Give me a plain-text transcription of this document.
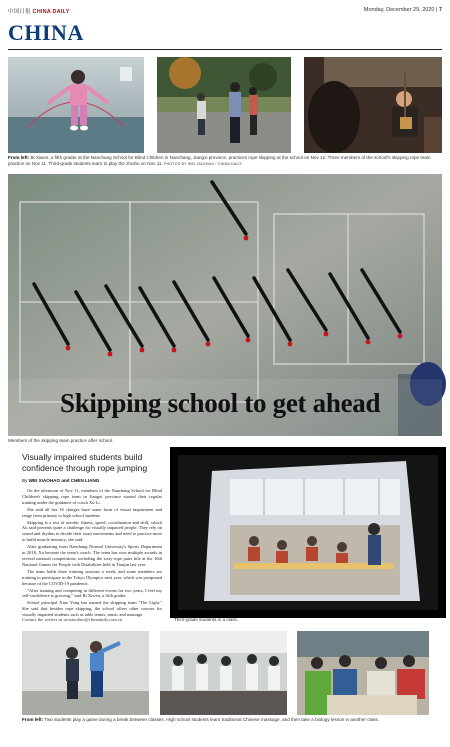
中国日报 CHINA DAILY	Monday, December 29, 2020 | 7
CHINA
From left: Bi Xiwen, a fifth grader at the Nanchang School for Blind Children in Nanchang, Jiangxi province, practices rope skipping at the school on Nov 12. Three members of the school's skipping rope team practice on Nov 11. Third-grade students learn to play the zhuihu on Nov 11. PHOTOS BY WEI XIAOHAO / CHINA DAILY
Skipping school to get ahead
Members of the skipping team practice after school.
Visually impaired students build confidence through rope jumping
By WEI XIAOHAO and CHEN LIANG

On the afternoon of Nov 11, members of the Nanchang School for Blind Children's skipping rope team in Jiangxi province started their regular training under the guidance of coach Xu Li.

She said all her 16 charges have some form of visual impairment and range from primary to high school students.

Skipping is a test of aerobic fitness, speed, coordination and skill, which Xu said presents quite a challenge for visually impaired people. They rely on sound and rhythm to decide their exact movements and need to practice more to build muscle memory, she said.

After graduating from Nanchang Normal University's Sports Department in 2018, Xu became the team's coach. The team has won multiple awards in several national competitions, including the sixty-rope pairs title at the 10th National Games for People with Disabilities held in Tianjin last year.

The team holds three training sessions a week, and some members are training to participate in the Tokyo Olympics next year, which was postponed because of the COVID-19 pandemic.

"After training and competing in different events for two years, I feel my self-confidence is growing," said Bi Xiwen, a fifth grader.

School principal Xiao Yong has named the skipping team "The Light." She said that besides rope skipping, the school offers other courses for visually impaired students such as table tennis, music and massage.

Contact the writers at weixiaohao@chinadaily.com.cn	Third-grade students in a class.
From left: Two students play a game during a break between classes. High school students learn traditional Chinese massage, and then take a biology lesson in another class.
